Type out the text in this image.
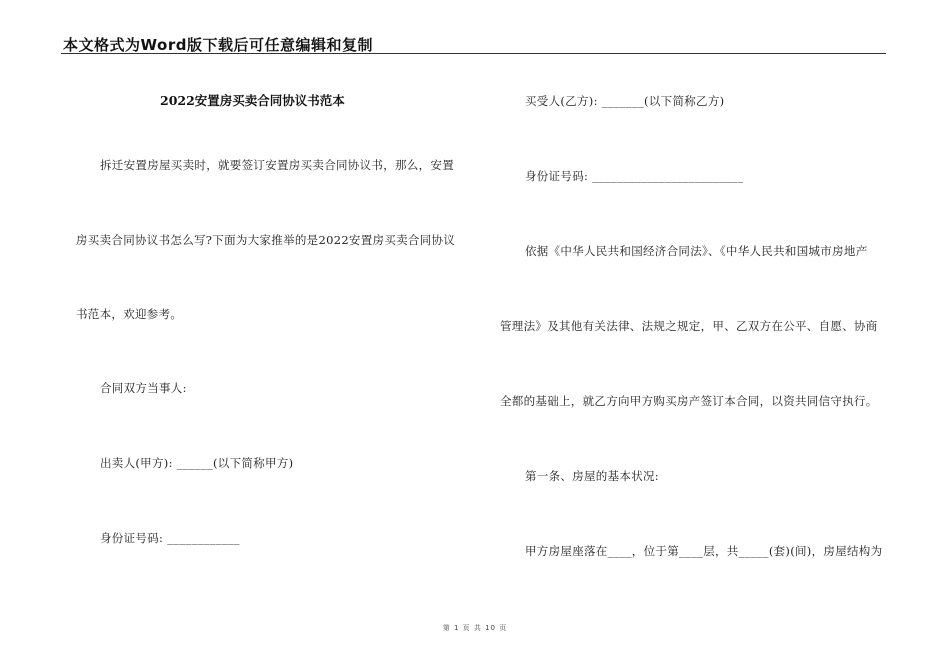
本文格式为Word版下载后可任意编辑和复制
2022安置房买卖合同协议书范本
拆迁安置房屋买卖时，就要签订安置房买卖合同协议书，那么，安置
房买卖合同协议书怎么写?下面为大家推举的是2022安置房买卖合同协议
书范本，欢迎参考。
合同双方当事人:
出卖人(甲方): ______(以下简称甲方)
身份证号码: ____________
买受人(乙方): _______(以下简称乙方)
身份证号码: _________________________
依据《中华人民共和国经济合同法》、《中华人民共和国城市房地产
管理法》及其他有关法律、法规之规定，甲、乙双方在公平、自愿、协商
全都的基础上，就乙方向甲方购买房产签订本合同，以资共同信守执行。
第一条、房屋的基本状况:
甲方房屋座落在____，位于第____层，共_____(套)(间)，房屋结构为
第 1 页 共 10 页
